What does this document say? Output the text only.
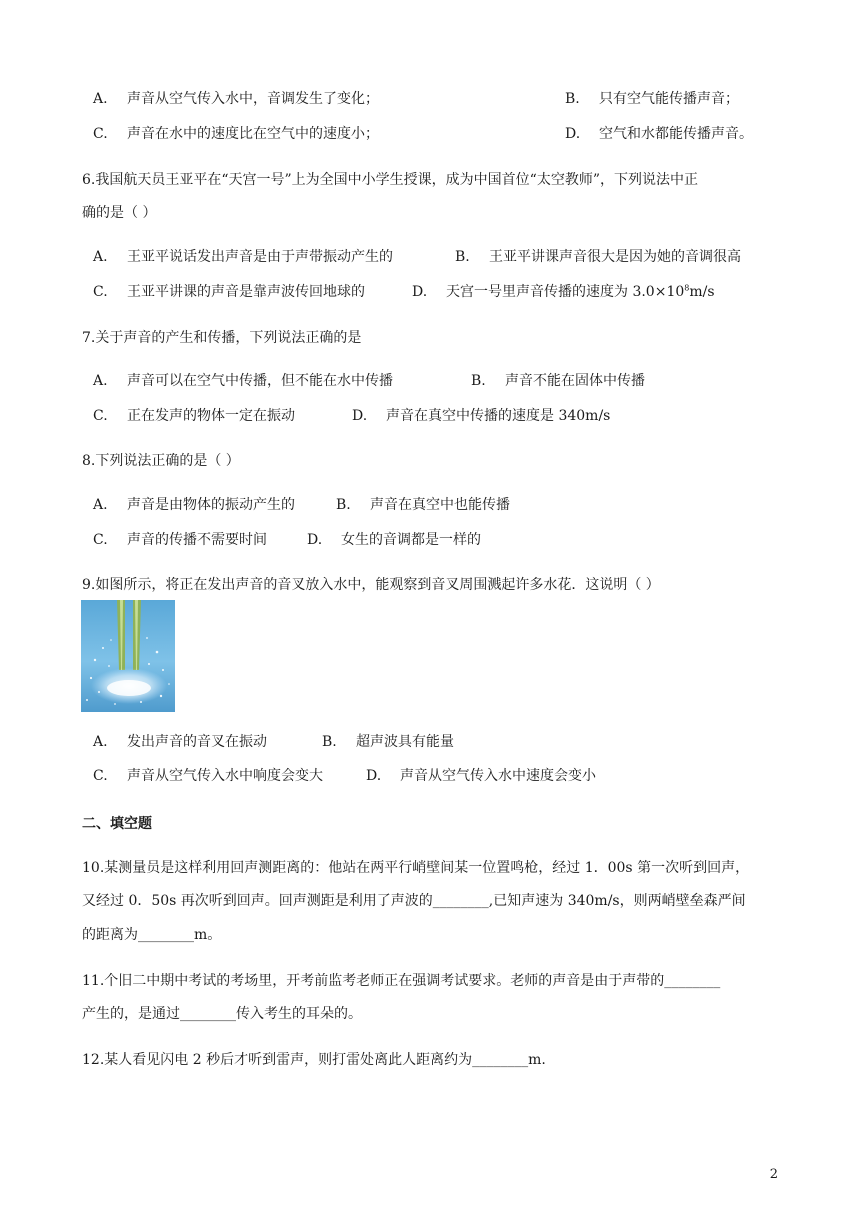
A. 声音从空气传入水中，音调发生了变化；	B. 只有空气能传播声音；
C. 声音在水中的速度比在空气中的速度小；	D. 空气和水都能传播声音。
6.我国航天员王亚平在“天宫一号”上为全国中小学生授课，成为中国首位“太空教师”，下列说法中正
确的是（ ）
A. 王亚平说话发出声音是由于声带振动产生的	B. 王亚平讲课声音很大是因为她的音调很高
C. 王亚平讲课的声音是靠声波传回地球的	D. 天宫一号里声音传播的速度为 $3.0\times 10^8m/s$
7.关于声音的产生和传播，下列说法正确的是
A. 声音可以在空气中传播，但不能在水中传播	B. 声音不能在固体中传播
C. 正在发声的物体一定在振动	D. 声音在真空中传播的速度是 340m/s
8.下列说法正确的是（ ）
A. 声音是由物体的振动产生的	B. 声音在真空中也能传播
C. 声音的传播不需要时间	D. 女生的音调都是一样的
9.如图所示，将正在发出声音的音叉放入水中，能观察到音叉周围溅起许多水花．这说明（ ）
A. 发出声音的音叉在振动	B. 超声波具有能量
C. 声音从空气传入水中响度会变大	D. 声音从空气传入水中速度会变小
二、填空题
10.某测量员是这样利用回声测距离的：他站在两平行峭壁间某一位置鸣枪，经过 1．00s 第一次听到回声，
又经过 0．50s 再次听到回声。回声测距是利用了声波的________,已知声速为 340m/s，则两峭壁垒森严间
的距离为________m。
11.个旧二中期中考试的考场里，开考前监考老师正在强调考试要求。老师的声音是由于声带的________
产生的，是通过________传入考生的耳朵的。
12.某人看见闪电 2 秒后才听到雷声，则打雷处离此人距离约为________m.
2
